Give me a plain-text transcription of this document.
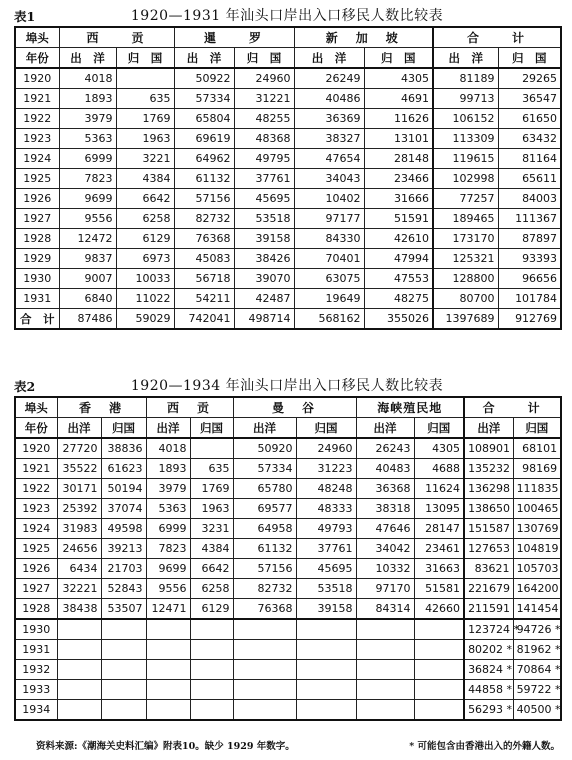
表1	1920—1931 年汕头口岸出入口移民人数比较表
埠头	西　　贡		暹　　罗		新　加　坡		合　　计	
年份	出　洋	归　国	出　洋	归　国	出　洋	归　国	出　洋	归　国
1920	4018		50922	24960	26249	4305	81189	29265
1921	1893	635	57334	31221	40486	4691	99713	36547
1922	3979	1769	65804	48255	36369	11626	106152	61650
1923	5363	1963	69619	48368	38327	13101	113309	63432
1924	6999	3221	64962	49795	47654	28148	119615	81164
1925	7823	4384	61132	37761	34043	23466	102998	65611
1926	9699	6642	57156	45695	10402	31666	77257	84003
1927	9556	6258	82732	53518	97177	51591	189465	111367
1928	12472	6129	76368	39158	84330	42610	173170	87897
1929	9837	6973	45083	38426	70401	47994	125321	93393
1930	9007	10033	56718	39070	63075	47553	128800	96656
1931	6840	11022	54211	42487	19649	48275	80700	101784
合　计	87486	59029	742041	498714	568162	355026	1397689	912769
表2	1920—1934 年汕头口岸出入口移民人数比较表
埠头	香　港		西　贡		曼　谷		海峡殖民地		合　　计	
年份	出洋	归国	出洋	归国	出洋	归国	出洋	归国	出洋	归国
1920	27720	38836	4018		50920	24960	26243	4305	108901	68101
1921	35522	61623	1893	635	57334	31223	40483	4688	135232	98169
1922	30171	50194	3979	1769	65780	48248	36368	11624	136298	111835
1923	25392	37074	5363	1963	69577	48333	38318	13095	138650	100465
1924	31983	49598	6999	3231	64958	49793	47646	28147	151587	130769
1925	24656	39213	7823	4384	61132	37761	34042	23461	127653	104819
1926	6434	21703	9699	6642	57156	45695	10332	31663	83621	105703
1927	32221	52843	9556	6258	82732	53518	97170	51581	221679	164200
1928	38438	53507	12471	6129	76368	39158	84314	42660	211591	141454
1930									123724 *	94726 *
1931									80202 *	81962 *
1932									36824 *	70864 *
1933									44858 *	59722 *
1934									56293 *	40500 *
资料来源:《潮海关史料汇编》附表10。缺少 1929 年数字。	* 可能包含由香港出入的外籍人数。
